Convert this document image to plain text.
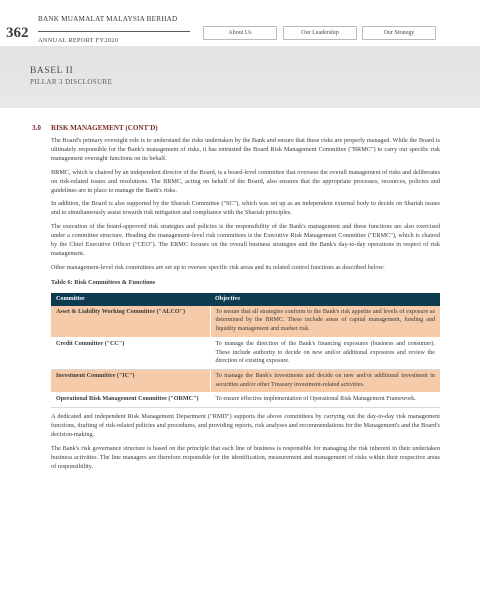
362
BANK MUAMALAT MALAYSIA BERHAD
ANNUAL REPORT FY2020
About Us	Our Leadership	Our Strategy
BASEL II
PILLAR 3 DISCLOSURE
3.0	RISK MANAGEMENT (CONT'D)

The Board's primary oversight role is to understand the risks undertaken by the Bank and ensure that these risks are properly managed. While the Board is ultimately responsible for the Bank's management of risks, it has entrusted the Board Risk Management Committee ("BRMC") to carry out specific risk management oversight functions on its behalf.

BRMC, which is chaired by an independent director of the Board, is a board-level committee that oversees the overall management of risks and deliberates on risk-related issues and resolutions. The BRMC, acting on behalf of the Board, also ensures that the appropriate processes, resources, policies and guidelines are in place to manage the Bank's risks.

In addition, the Board is also supported by the Shariah Committee ("SC"), which was set up as an independent external body to decide on Shariah issues and to simultaneously assist towards risk mitigation and compliance with the Shariah principles.

The execution of the board-approved risk strategies and policies is the responsibility of the Bank's management and these functions are also exercised under a committee structure. Heading the management-level risk committees is the Executive Risk Management Committee ("ERMC"), which is chaired by the Chief Executive Officer ("CEO"). The ERMC focuses on the overall business strategies and the Bank's day-to-day operations in respect of risk management.

Other management-level risk committees are set up to oversee specific risk areas and its related control functions as described below:

Table 6: Risk Committees & Functions
Committee	Objective
Asset & Liability Working Committee ("ALCO")	To ensure that all strategies conform to the Bank's risk appetite and levels of exposure as determined by the BRMC. These include areas of capital management, funding and liquidity management and market risk.
Credit Committee ("CC")	To manage the direction of the Bank's financing exposures (business and consumer). These include authority to decide on new and/or additional exposures and review the direction of existing exposure.
Investment Committee ("IC")	To manage the Bank's investments and decide on new and/or additional investment in securities and/or other Treasury investment-related activities.
Operational Risk Management Committee ("ORMC")	To ensure effective implementation of Operational Risk Management Framework.

A dedicated and independent Risk Management Department ("RMD") supports the above committees by carrying out the day-to-day risk management functions, drafting of risk-related policies and procedures, and providing reports, risk analyses and recommendations for the Management's and the Board's decision-making.

The Bank's risk governance structure is based on the principle that each line of business is responsible for managing the risk inherent in their undertaken business activities. The line managers are therefore responsible for the identification, measurement and management of risks within their respective areas of responsibility.
